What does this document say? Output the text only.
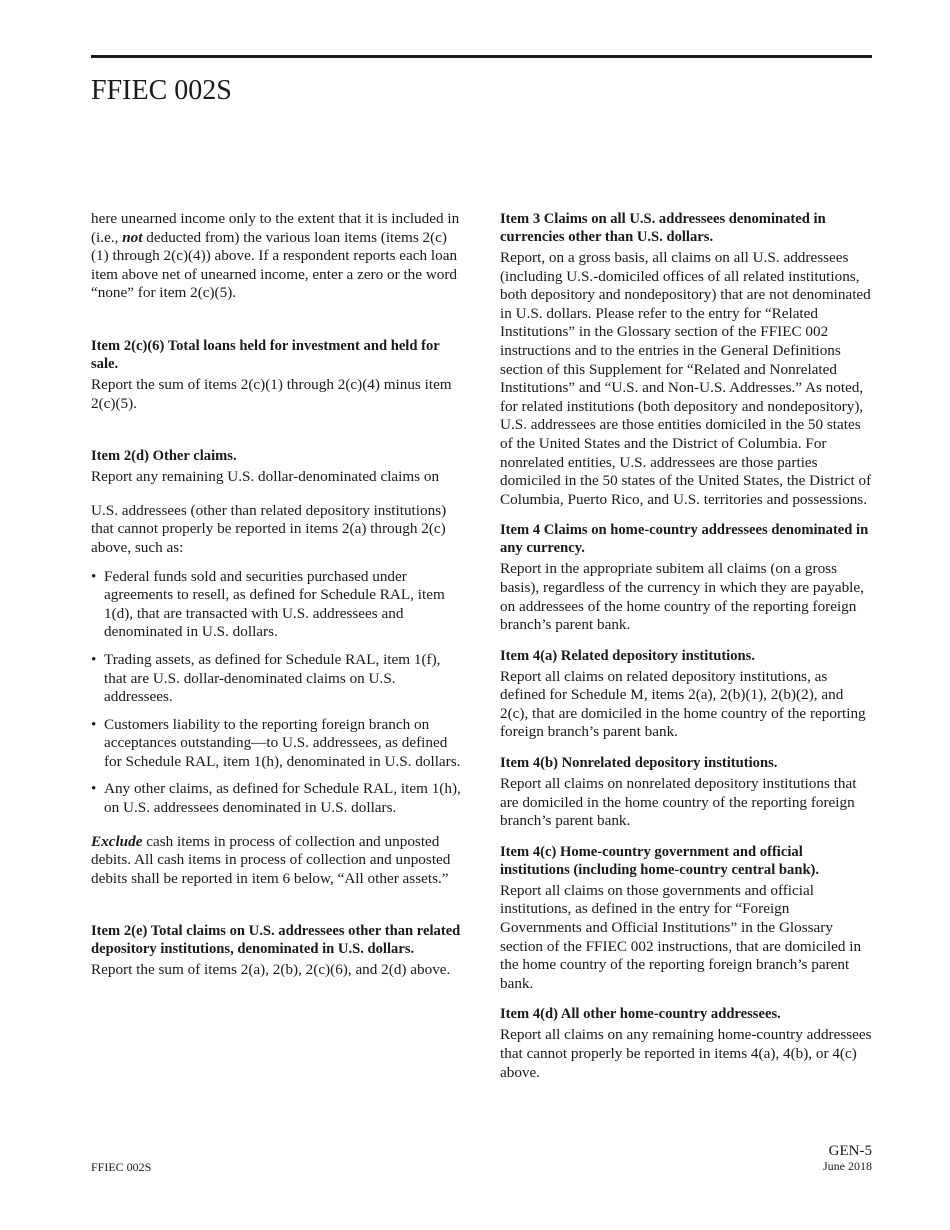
FFIEC 002S

here unearned income only to the extent that it is included in (i.e., not deducted from) the various loan items (items 2(c)(1) through 2(c)(4)) above. If a respondent reports each loan item above net of unearned income, enter a zero or the word “none” for item 2(c)(5).

Item 2(c)(6) Total loans held for investment and held for sale.

Report the sum of items 2(c)(1) through 2(c)(4) minus item 2(c)(5).

Item 2(d) Other claims.

Report any remaining U.S. dollar-denominated claims on

U.S. addressees (other than related depository institutions) that cannot properly be reported in items 2(a) through 2(c) above, such as:

• Federal funds sold and securities purchased under agreements to resell, as defined for Schedule RAL, item 1(d), that are transacted with U.S. addressees and denominated in U.S. dollars.
• Trading assets, as defined for Schedule RAL, item 1(f), that are U.S. dollar-denominated claims on U.S. addressees.
• Customers liability to the reporting foreign branch on acceptances outstanding—to U.S. addressees, as defined for Schedule RAL, item 1(h), denominated in U.S. dollars.
• Any other claims, as defined for Schedule RAL, item 1(h), on U.S. addressees denominated in U.S. dollars.

Exclude cash items in process of collection and unposted debits. All cash items in process of collection and unposted debits shall be reported in item 6 below, “All other assets.”

Item 2(e) Total claims on U.S. addressees other than related depository institutions, denominated in U.S. dollars.

Report the sum of items 2(a), 2(b), 2(c)(6), and 2(d) above.

Item 3 Claims on all U.S. addressees denominated in currencies other than U.S. dollars.

Report, on a gross basis, all claims on all U.S. addressees (including U.S.-domiciled offices of all related institutions, both depository and nondepository) that are not denominated in U.S. dollars. Please refer to the entry for “Related Institutions” in the Glossary section of the FFIEC 002 instructions and to the entries in the General Definitions section of this Supplement for “Related and Nonrelated Institutions” and “U.S. and Non-U.S. Addresses.” As noted, for related institutions (both depository and nondepository), U.S. addressees are those entities domiciled in the 50 states of the United States and the District of Columbia. For nonrelated entities, U.S. addressees are those parties domiciled in the 50 states of the United States, the District of Columbia, Puerto Rico, and U.S. territories and possessions.

Item 4 Claims on home-country addressees denominated in any currency.

Report in the appropriate subitem all claims (on a gross basis), regardless of the currency in which they are payable, on addressees of the home country of the reporting foreign branch’s parent bank.

Item 4(a) Related depository institutions.

Report all claims on related depository institutions, as defined for Schedule M, items 2(a), 2(b)(1), 2(b)(2), and 2(c), that are domiciled in the home country of the reporting foreign branch’s parent bank.

Item 4(b) Nonrelated depository institutions.

Report all claims on nonrelated depository institutions that are domiciled in the home country of the reporting foreign branch’s parent bank.

Item 4(c) Home-country government and official institutions (including home-country central bank).

Report all claims on those governments and official institutions, as defined in the entry for “Foreign Governments and Official Institutions” in the Glossary section of the FFIEC 002 instructions, that are domiciled in the home country of the reporting foreign branch’s parent bank.

Item 4(d) All other home-country addressees.

Report all claims on any remaining home-country addressees that cannot properly be reported in items 4(a), 4(b), or 4(c) above.

FFIEC 002S
GEN-5
June 2018
